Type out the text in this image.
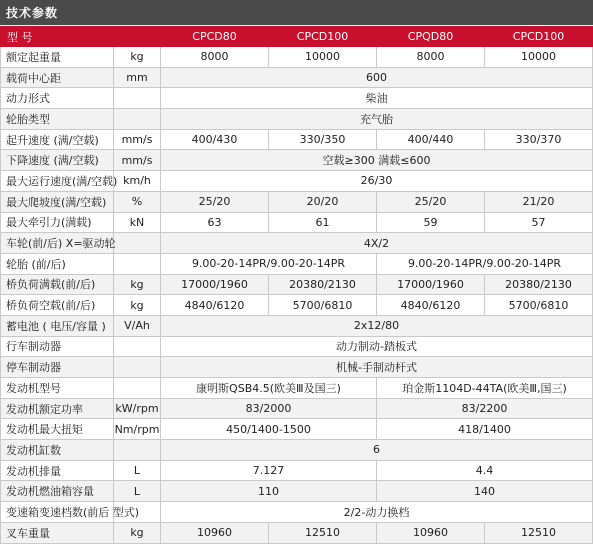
技术参数
型 号		CPCD80	CPCD100	CPQD80	CPCD100
额定起重量	kg	8000	10000	8000	10000
载荷中心距	mm	600			
动力形式		柴油			
轮胎类型		充气胎			
起升速度 (满/空载)	mm/s	400/430	330/350	400/440	330/370
下降速度 (满/空载)	mm/s	空载≥300 满载≤600			
最大运行速度(满/空载)	km/h	26/30			
最大爬坡度(满/空载)	%	25/20	20/20	25/20	21/20
最大牵引力(满载)	kN	63	61	59	57
车轮(前/后) X=驱动轮		4X/2			
轮胎 (前/后)		9.00-20-14PR/9.00-20-14PR		9.00-20-14PR/9.00-20-14PR	
桥负荷满载(前/后)	kg	17000/1960	20380/2130	17000/1960	20380/2130
桥负荷空载(前/后)	kg	4840/6120	5700/6810	4840/6120	5700/6810
蓄电池 ( 电压/容量 )	V/Ah	2x12/80			
行车制动器		动力制动-踏板式			
停车制动器		机械-手制动杆式			
发动机型号		康明斯QSB4.5(欧美Ⅲ及国三)		珀金斯1104D-44TA(欧美Ⅲ,国三)	
发动机额定功率	kW/rpm	83/2000		83/2200	
发动机最大扭矩	Nm/rpm	450/1400-1500		418/1400	
发动机缸数		6			
发动机排量	L	7.127		4.4	
发动机燃油箱容量	L	110		140	
变速箱变速档数(前后 型式)		2/2-动力换档			
叉车重量	kg	10960	12510	10960	12510
